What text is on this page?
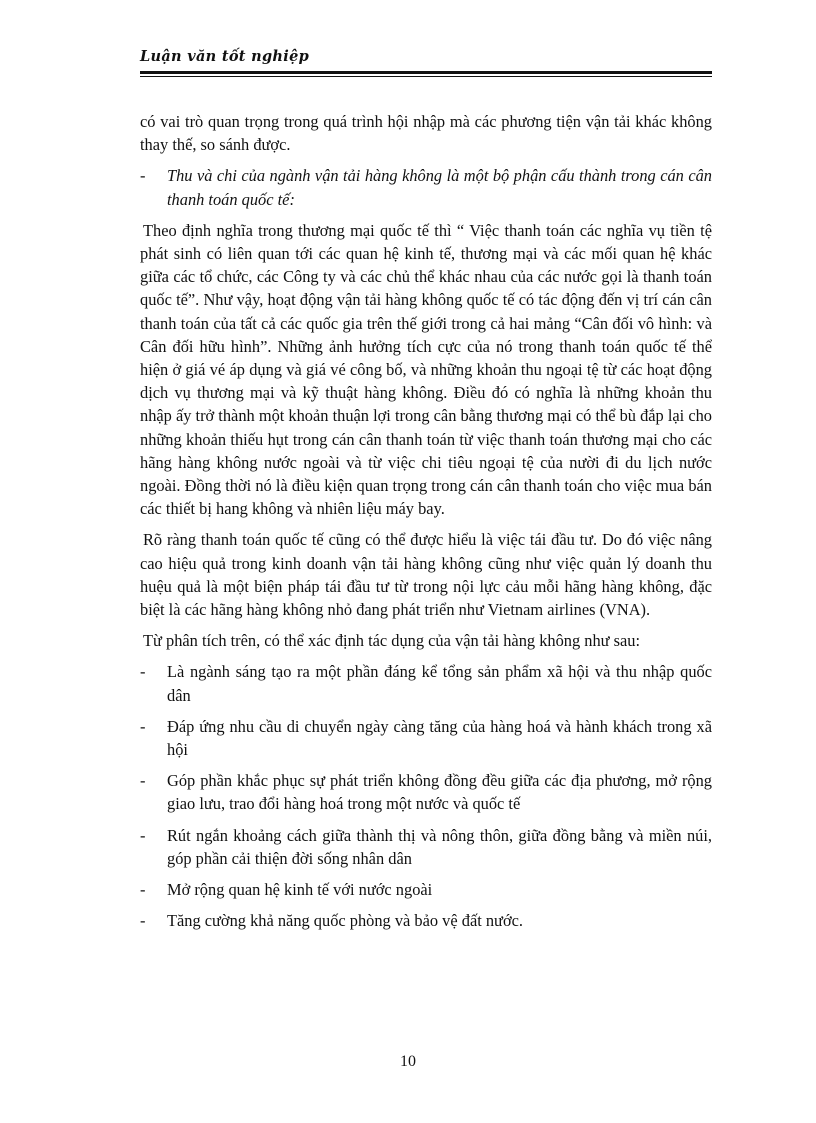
Luận văn tốt nghiệp

có vai trò quan trọng trong quá trình hội nhập mà các phương tiện vận tải khác không thay thế, so sánh được.

-	Thu và chi của ngành vận tải hàng không là một bộ phận cấu thành trong cán cân thanh toán quốc tế:

Theo định nghĩa trong thương mại quốc tế thì “ Việc thanh toán các nghĩa vụ tiền tệ phát sinh có liên quan tới các quan hệ kinh tế, thương mại và các mối quan hệ khác giữa các tổ chức, các Công ty và các chủ thể khác nhau của các nước gọi là thanh toán quốc tế”. Như vậy, hoạt động vận tải hàng không quốc tế có tác động đến vị trí cán cân thanh toán của tất cả các quốc gia trên thế giới trong cả hai mảng “Cân đối vô hình: và Cân đối hữu hình”. Những ảnh hưởng tích cực của nó trong thanh toán quốc tế thể hiện ở giá vé áp dụng và giá vé công bố, và những khoản thu ngoại tệ từ các hoạt động dịch vụ thương mại và kỹ thuật hàng không. Điều đó có nghĩa là những khoản thu nhập ấy trở thành một khoản thuận lợi trong cân bằng thương mại có thể bù đắp lại cho những khoản thiếu hụt trong cán cân thanh toán từ việc thanh toán thương mại cho các hãng hàng không nước ngoài và từ việc chi tiêu ngoại tệ của nười đi du lịch nước ngoài. Đồng thời nó là điều kiện quan trọng trong cán cân thanh toán cho việc mua bán các thiết bị hang không và nhiên liệu máy bay.

Rõ ràng thanh toán quốc tế cũng có thể được hiểu là việc tái đầu tư. Do đó việc nâng cao hiệu quả trong kinh doanh vận tải hàng không cũng như việc quản lý doanh thu huệu quả là một biện pháp tái đầu tư từ trong nội lực cảu mỗi hãng hàng không, đặc biệt là các hãng hàng không nhỏ đang phát triển như Vietnam airlines (VNA).

Từ phân tích trên, có thể xác định tác dụng của vận tải hàng không như sau:

-	Là ngành sáng tạo ra một phần đáng kể tổng sản phẩm xã hội và thu nhập quốc dân
-	Đáp ứng nhu cầu di chuyển ngày càng tăng của hàng hoá và hành khách trong xã hội
-	Góp phần khắc phục sự phát triển không đồng đều giữa các địa phương, mở rộng giao lưu, trao đổi hàng hoá trong một nước và quốc tế
-	Rút ngắn khoảng cách giữa thành thị và nông thôn, giữa đồng bằng và miền núi, góp phần cải thiện đời sống nhân dân
-	Mở rộng quan hệ kinh tế với nước ngoài
-	Tăng cường khả năng quốc phòng và bảo vệ đất nước.
10
